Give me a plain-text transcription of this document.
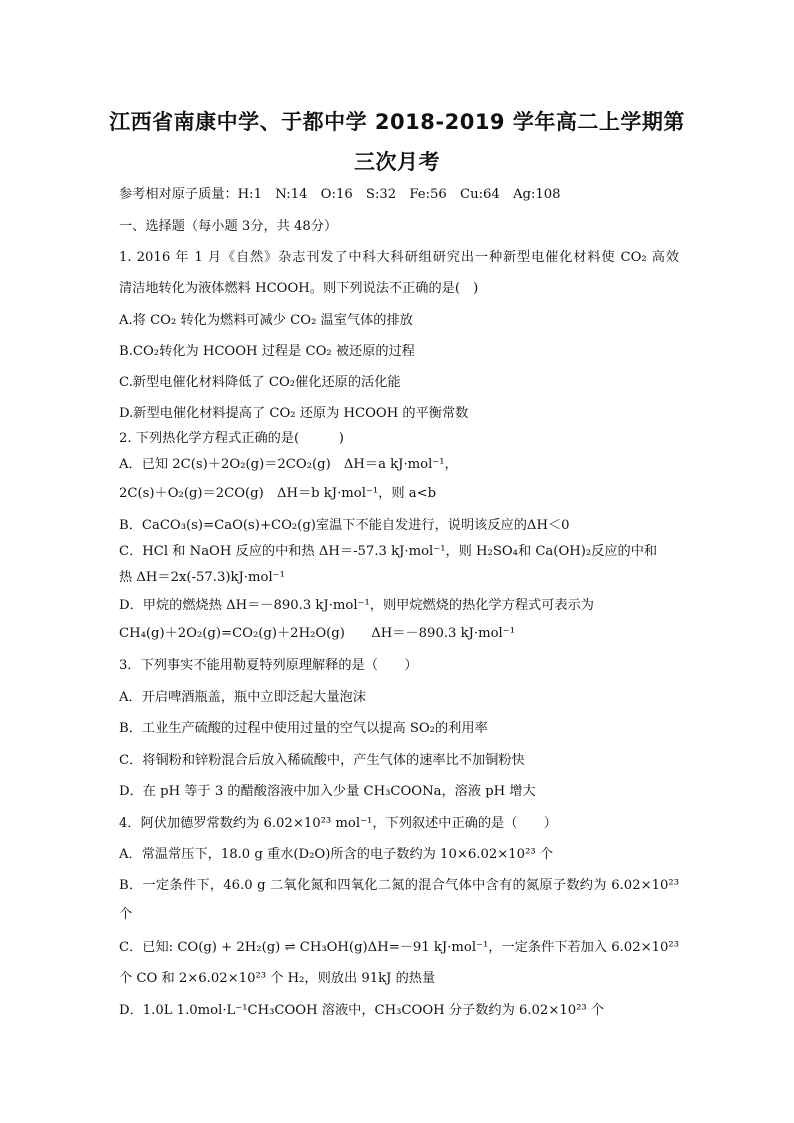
江西省南康中学、于都中学 2018-2019 学年高二上学期第
三次月考
参考相对原子质量：H:1　N:14　O:16　S:32　Fe:56　Cu:64　Ag:108
一、选择题（每小题 3分，共 48分）
1. 2016 年 1 月《自然》杂志刊发了中科大科研组研究出一种新型电催化材料使 CO₂ 高效
清洁地转化为液体燃料 HCOOH。则下列说法不正确的是(　)
A.将 CO₂ 转化为燃料可减少 CO₂ 温室气体的排放
B.CO₂转化为 HCOOH 过程是 CO₂ 被还原的过程
C.新型电催化材料降低了 CO₂催化还原的活化能
D.新型电催化材料提高了 CO₂ 还原为 HCOOH 的平衡常数
2. 下列热化学方程式正确的是(　　　)
A．已知 2C(s)＋2O₂(g)＝2CO₂(g)　ΔH＝a kJ·mol⁻¹，
2C(s)＋O₂(g)＝2CO(g)　ΔH＝b kJ·mol⁻¹，则 a<b
B．CaCO₃(s)=CaO(s)+CO₂(g)室温下不能自发进行，说明该反应的ΔH＜0
C．HCl 和 NaOH 反应的中和热 ΔH＝-57.3 kJ·mol⁻¹，则 H₂SO₄和 Ca(OH)₂反应的中和
热 ΔH＝2x(-57.3)kJ·mol⁻¹
D．甲烷的燃烧热 ΔH＝－890.3 kJ·mol⁻¹，则甲烷燃烧的热化学方程式可表示为
CH₄(g)＋2O₂(g)=CO₂(g)＋2H₂O(g)　　ΔH＝－890.3 kJ·mol⁻¹
3．下列事实不能用勒夏特列原理解释的是（　　）
A．开启啤酒瓶盖，瓶中立即泛起大量泡沫
B．工业生产硫酸的过程中使用过量的空气以提高 SO₂的利用率
C．将铜粉和锌粉混合后放入稀硫酸中，产生气体的速率比不加铜粉快
D．在 pH 等于 3 的醋酸溶液中加入少量 CH₃COONa，溶液 pH 增大
4．阿伏加德罗常数约为 6.02×10²³ mol⁻¹，下列叙述中正确的是（　　）
A．常温常压下，18.0 g 重水(D₂O)所含的电子数约为 10×6.02×10²³ 个
B．一定条件下，46.0 g 二氧化氮和四氧化二氮的混合气体中含有的氮原子数约为 6.02×10²³
个
C．已知: CO(g) + 2H₂(g) ⇌ CH₃OH(g)ΔH=－91 kJ·mol⁻¹，一定条件下若加入 6.02×10²³
个 CO 和 2×6.02×10²³ 个 H₂，则放出 91kJ 的热量
D．1.0L 1.0mol·L⁻¹CH₃COOH 溶液中，CH₃COOH 分子数约为 6.02×10²³ 个
